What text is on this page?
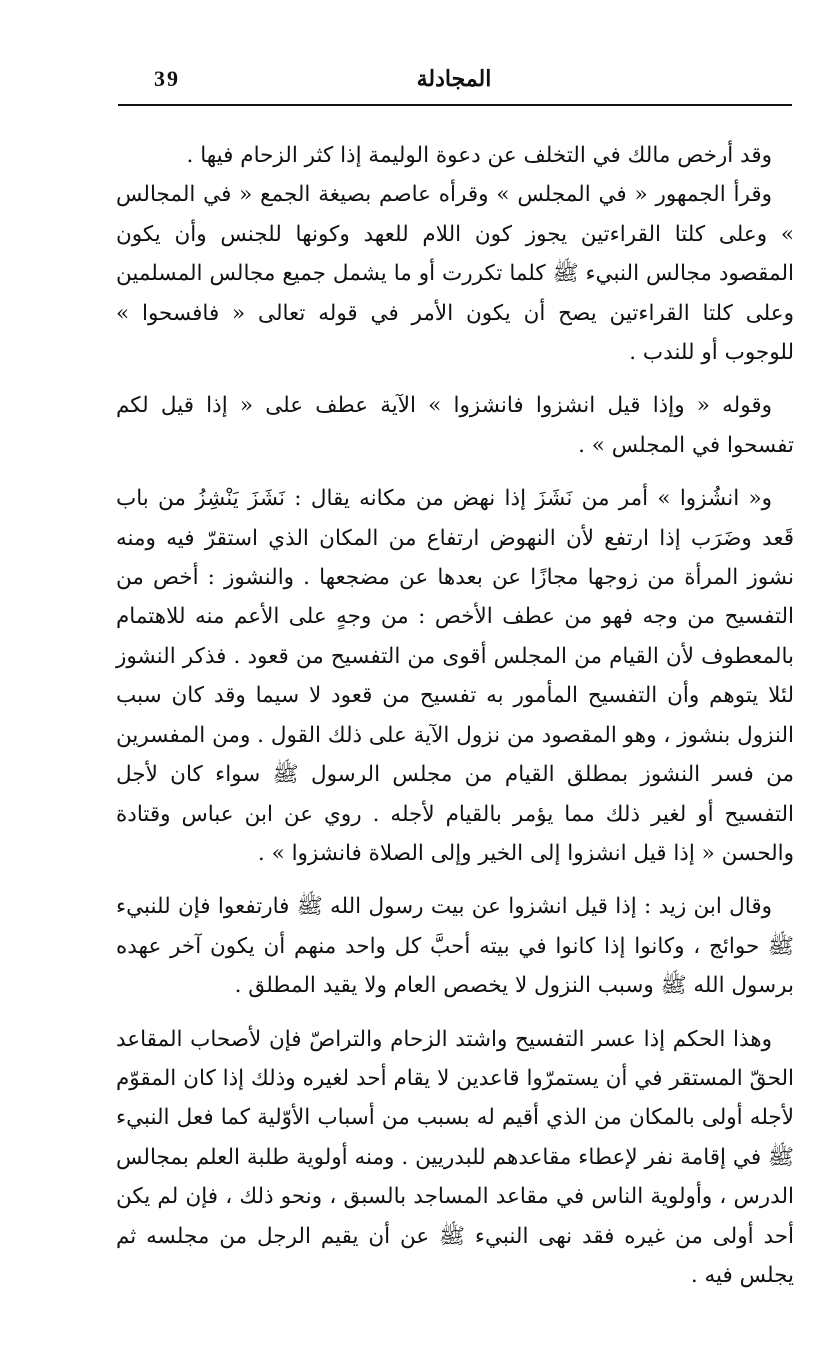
39	المجادلة

وقد أرخص مالك في التخلف عن دعوة الوليمة إذا كثر الزحام فيها .

وقرأ الجمهور « في المجلس » وقرأه عاصم بصيغة الجمع « في المجالس » وعلى كلتا القراءتين يجوز كون اللام للعهد وكونها للجنس وأن يكون المقصود مجالس النبيء ﷺ كلما تكررت أو ما يشمل جميع مجالس المسلمين وعلى كلتا القراءتين يصح أن يكون الأمر في قوله تعالى « فافسحوا » للوجوب أو للندب .

وقوله « وإذا قيل انشزوا فانشزوا » الآية عطف على « إذا قيل لكم تفسحوا في المجلس » .

و« انشُزوا » أمر من نَشَزَ إذا نهض من مكانه يقال : نَشَزَ يَنْشِزُ من باب قَعد وضَرَب إذا ارتفع لأن النهوض ارتفاع من المكان الذي استقرّ فيه ومنه نشوز المرأة من زوجها مجازًا عن بعدها عن مضجعها . والنشوز : أخص من التفسيح من وجه فهو من عطف الأخص : من وجهٍ على الأعم منه للاهتمام بالمعطوف لأن القيام من المجلس أقوى من التفسيح من قعود . فذكر النشوز لئلا يتوهم وأن التفسيح المأمور به تفسيح من قعود لا سيما وقد كان سبب النزول بنشوز ، وهو المقصود من نزول الآية على ذلك القول . ومن المفسرين من فسر النشوز بمطلق القيام من مجلس الرسول ﷺ سواء كان لأجل التفسيح أو لغير ذلك مما يؤمر بالقيام لأجله . روي عن ابن عباس وقتادة والحسن « إذا قيل انشزوا إلى الخير وإلى الصلاة فانشزوا » .

وقال ابن زيد : إذا قيل انشزوا عن بيت رسول الله ﷺ فارتفعوا فإن للنبيء ﷺ حوائج ، وكانوا إذا كانوا في بيته أحبَّ كل واحد منهم أن يكون آخر عهده برسول الله ﷺ وسبب النزول لا يخصص العام ولا يقيد المطلق .

وهذا الحكم إذا عسر التفسيح واشتد الزحام والتراصّ فإن لأصحاب المقاعد الحقّ المستقر في أن يستمرّوا قاعدين لا يقام أحد لغيره وذلك إذا كان المقوّم لأجله أولى بالمكان من الذي أقيم له بسبب من أسباب الأوّلية كما فعل النبيء ﷺ في إقامة نفر لإعطاء مقاعدهم للبدريين . ومنه أولوية طلبة العلم بمجالس الدرس ، وأولوية الناس في مقاعد المساجد بالسبق ، ونحو ذلك ، فإن لم يكن أحد أولى من غيره فقد نهى النبيء ﷺ عن أن يقيم الرجل من مجلسه ثم يجلس فيه .
